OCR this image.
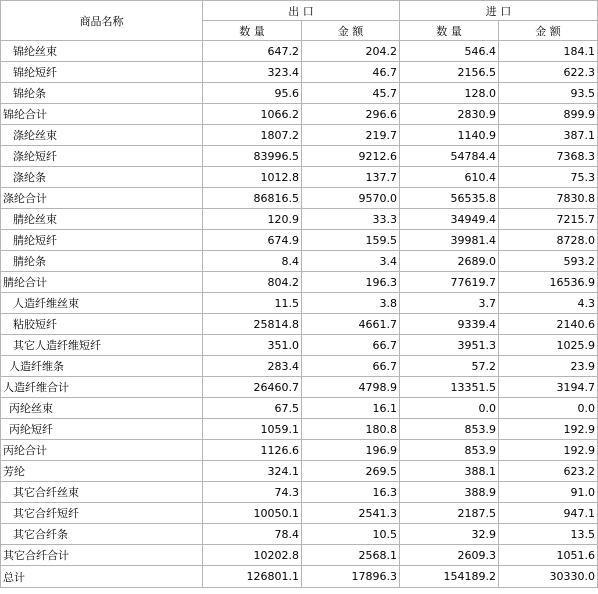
商品名称	出 口		进 口	
	数 量	金 额	数 量	金 额
锦纶丝束	647.2	204.2	546.4	184.1
锦纶短纤	323.4	46.7	2156.5	622.3
锦纶条	95.6	45.7	128.0	93.5
锦纶合计	1066.2	296.6	2830.9	899.9
涤纶丝束	1807.2	219.7	1140.9	387.1
涤纶短纤	83996.5	9212.6	54784.4	7368.3
涤纶条	1012.8	137.7	610.4	75.3
涤纶合计	86816.5	9570.0	56535.8	7830.8
腈纶丝束	120.9	33.3	34949.4	7215.7
腈纶短纤	674.9	159.5	39981.4	8728.0
腈纶条	8.4	3.4	2689.0	593.2
腈纶合计	804.2	196.3	77619.7	16536.9
人造纤维丝束	11.5	3.8	3.7	4.3
粘胶短纤	25814.8	4661.7	9339.4	2140.6
其它人造纤维短纤	351.0	66.7	3951.3	1025.9
人造纤维条	283.4	66.7	57.2	23.9
人造纤维合计	26460.7	4798.9	13351.5	3194.7
丙纶丝束	67.5	16.1	0.0	0.0
丙纶短纤	1059.1	180.8	853.9	192.9
丙纶合计	1126.6	196.9	853.9	192.9
芳纶	324.1	269.5	388.1	623.2
其它合纤丝束	74.3	16.3	388.9	91.0
其它合纤短纤	10050.1	2541.3	2187.5	947.1
其它合纤条	78.4	10.5	32.9	13.5
其它合纤合计	10202.8	2568.1	2609.3	1051.6
总计	126801.1	17896.3	154189.2	30330.0
